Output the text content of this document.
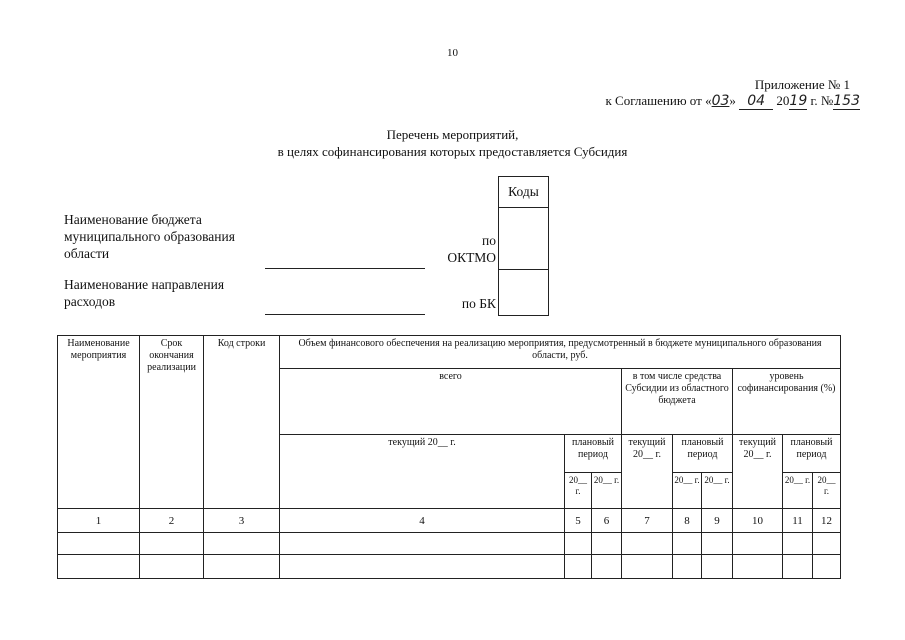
10
Приложение № 1
к Соглашению от «03» 04 2019 г. №153
Перечень мероприятий,
в целях софинансирования которых предоставляется Субсидия
Коды
Наименование бюджета
муниципального образования
области
по
ОКТМО
Наименование направления
расходов	по БК
Наименование мероприятия	Срок окончания реализации	Код строки	Объем финансового обеспечения на реализацию мероприятия, предусмотренный в бюджете муниципального образования области, руб.								
			всего			в том числе средства Субсидии из областного бюджета			уровень софинансирования (%)		
			текущий 20__ г.	плановый период		текущий 20__ г.	плановый период		текущий 20__ г.	плановый период	
				20__ г.	20__ г.		20__ г.	20__ г.		20__ г.	20__ г.
1	2	3	4	5	6	7	8	9	10	11	12
